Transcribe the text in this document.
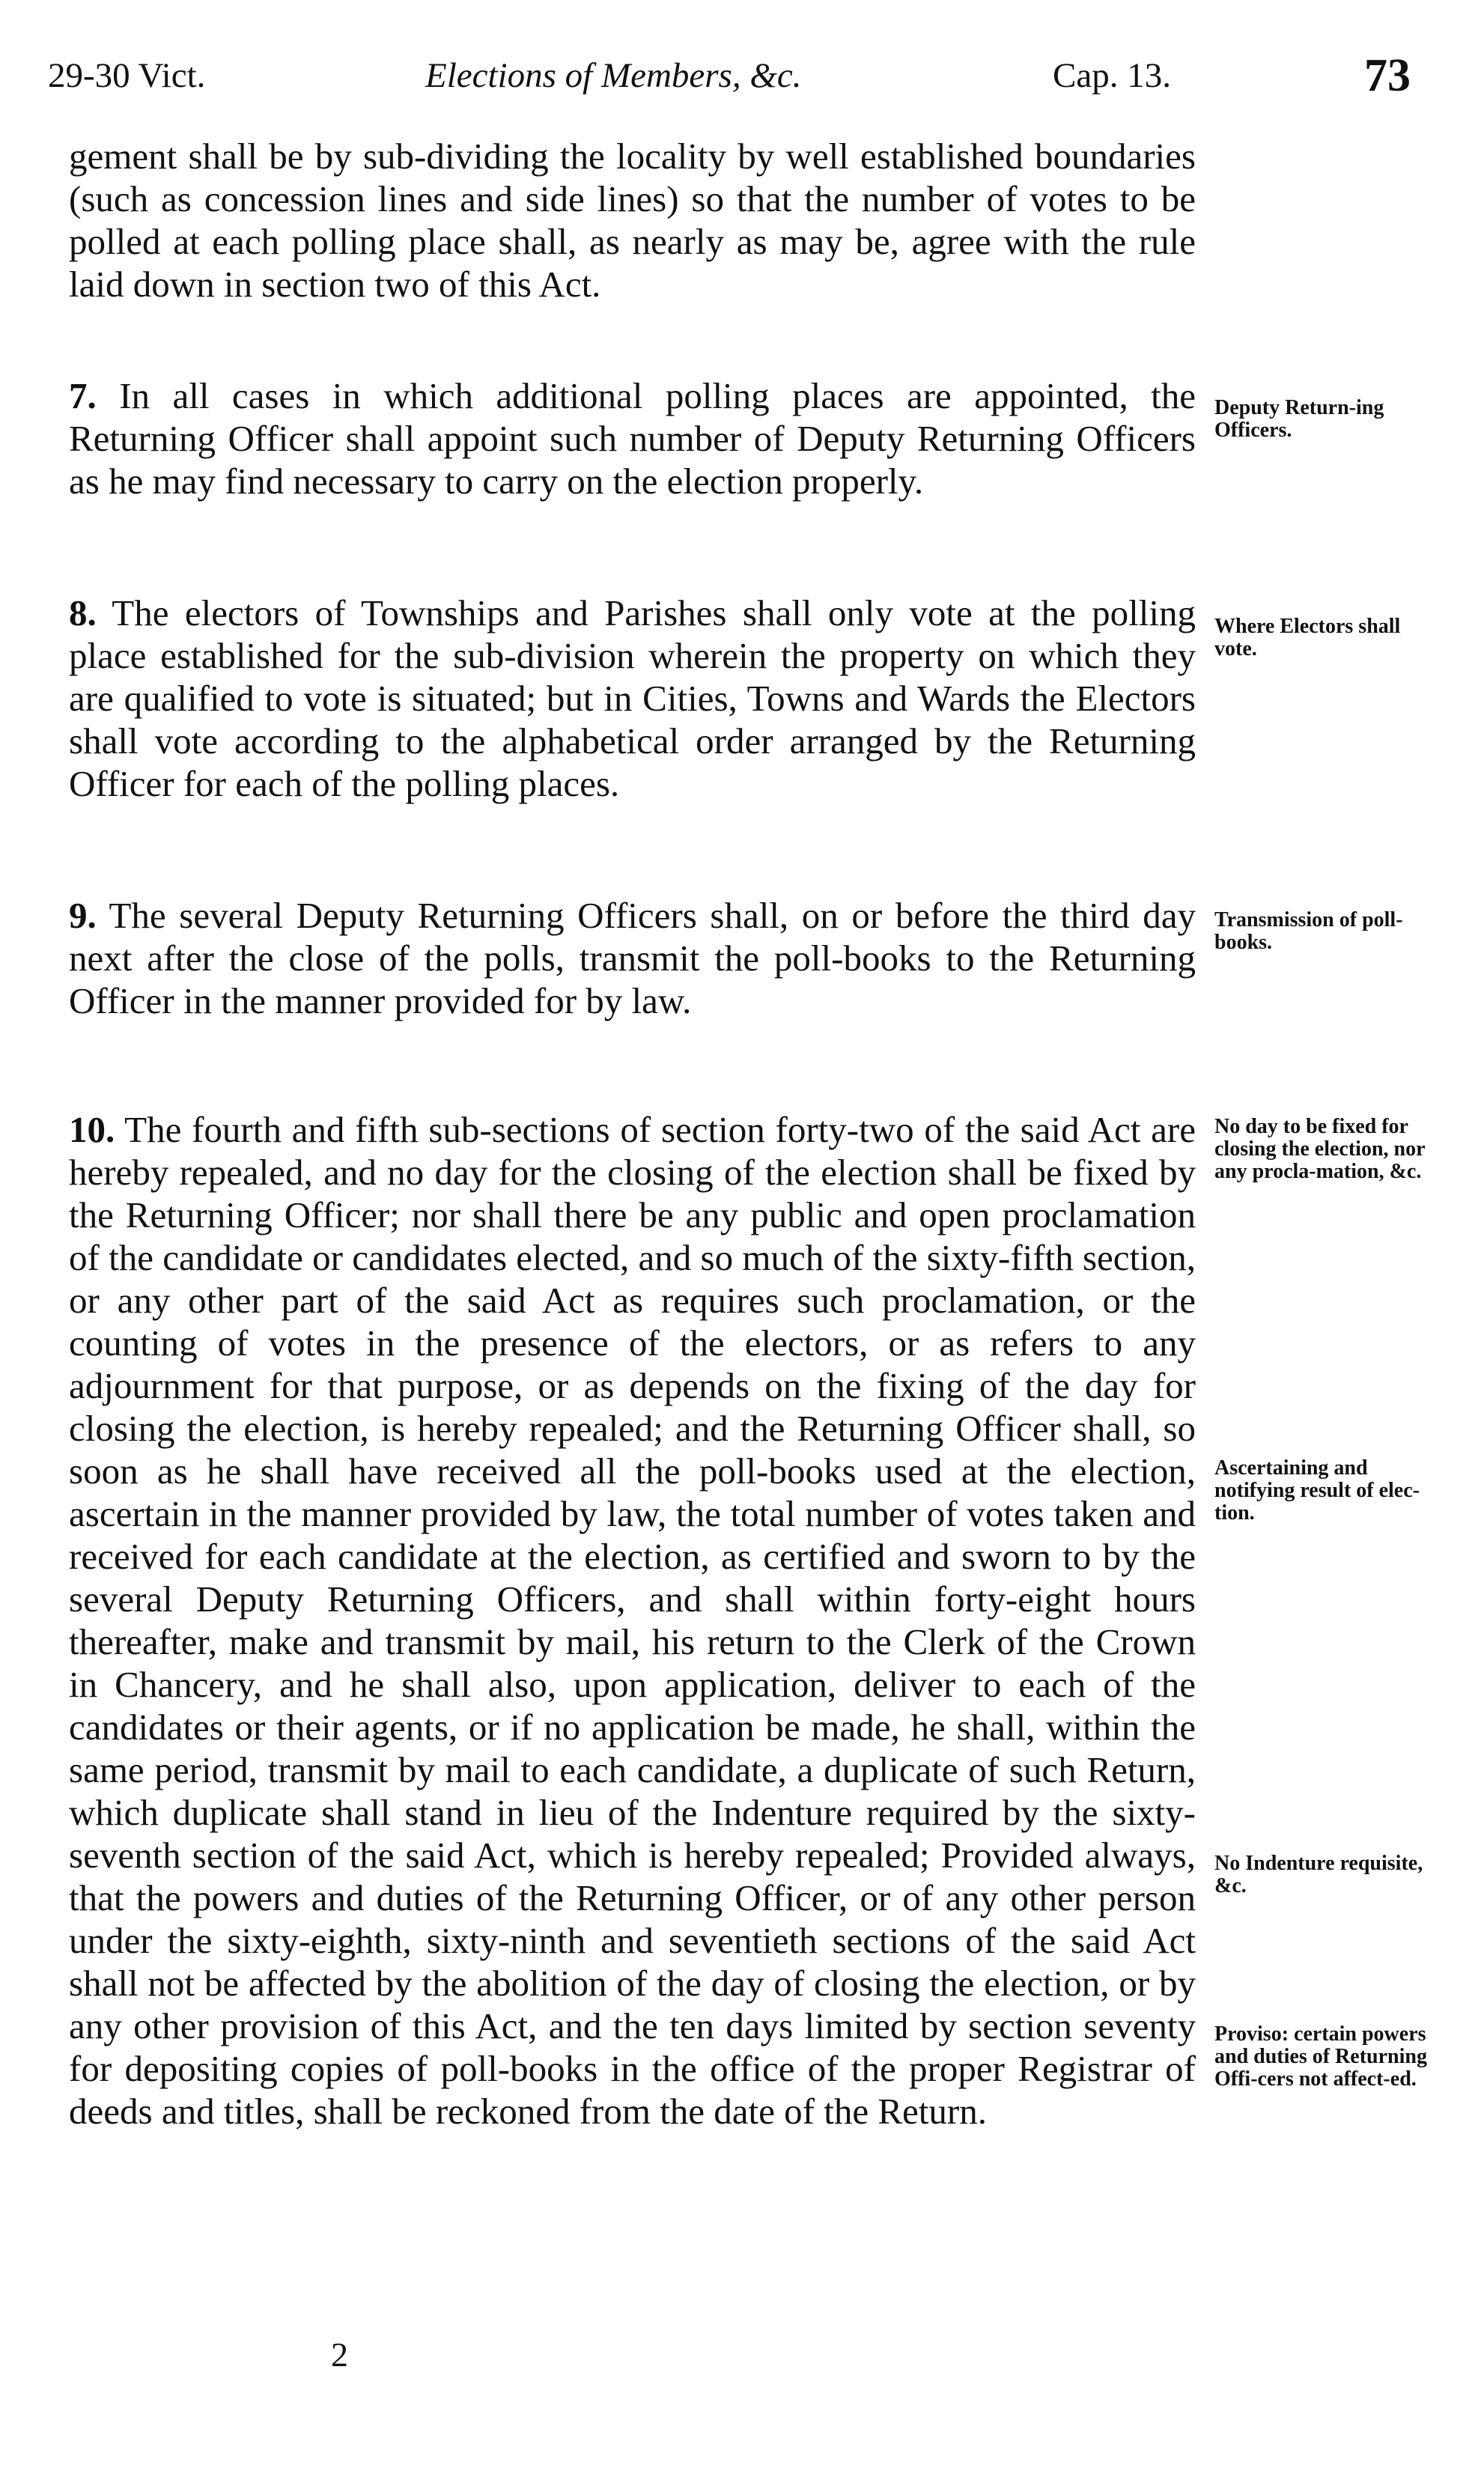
29-30 Vict.	Elections of Members, &c.	Cap. 13.	73
gement shall be by sub-dividing the locality by well established boundaries (such as concession lines and side lines) so that the number of votes to be polled at each polling place shall, as nearly as may be, agree with the rule laid down in section two of this Act.
7. In all cases in which additional polling places are appointed, the Returning Officer shall appoint such number of Deputy Returning Officers as he may find necessary to carry on the election properly.
8. The electors of Townships and Parishes shall only vote at the polling place established for the sub-division wherein the property on which they are qualified to vote is situated; but in Cities, Towns and Wards the Electors shall vote according to the alphabetical order arranged by the Returning Officer for each of the polling places.
9. The several Deputy Returning Officers shall, on or before the third day next after the close of the polls, transmit the poll-books to the Returning Officer in the manner provided for by law.
10. The fourth and fifth sub-sections of section forty-two of the said Act are hereby repealed, and no day for the closing of the election shall be fixed by the Returning Officer; nor shall there be any public and open proclamation of the candidate or candidates elected, and so much of the sixty-fifth section, or any other part of the said Act as requires such proclamation, or the counting of votes in the presence of the electors, or as refers to any adjournment for that purpose, or as depends on the fixing of the day for closing the election, is hereby repealed; and the Returning Officer shall, so soon as he shall have received all the poll-books used at the election, ascertain in the manner provided by law, the total number of votes taken and received for each candidate at the election, as certified and sworn to by the several Deputy Returning Officers, and shall within forty-eight hours thereafter, make and transmit by mail, his return to the Clerk of the Crown in Chancery, and he shall also, upon application, deliver to each of the candidates or their agents, or if no application be made, he shall, within the same period, transmit by mail to each candidate, a duplicate of such Return, which duplicate shall stand in lieu of the Indenture required by the sixty-seventh section of the said Act, which is hereby repealed; Provided always, that the powers and duties of the Returning Officer, or of any other person under the sixty-eighth, sixty-ninth and seventieth sections of the said Act shall not be affected by the abolition of the day of closing the election, or by any other provision of this Act, and the ten days limited by section seventy for depositing copies of poll-books in the office of the proper Registrar of deeds and titles, shall be reckoned from the date of the Return.
Deputy Return-ing Officers.
Where Electors shall vote.
Transmission of poll-books.
No day to be fixed for closing the election, nor any procla-mation, &c.
Ascertaining and notifying result of elec-tion.
No Indenture requisite, &c.
Proviso: certain powers and duties of Returning Offi-cers not affect-ed.
2
